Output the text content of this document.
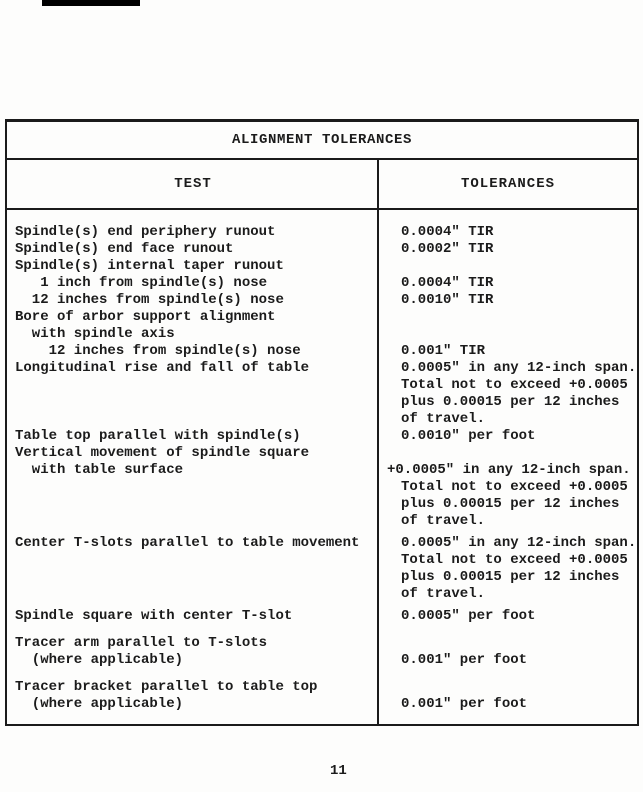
ALIGNMENT TOLERANCES
TEST	TOLERANCES
Spindle(s) end periphery runout	0.0004" TIR
Spindle(s) end face runout	0.0002" TIR
Spindle(s) internal taper runout
1 inch from spindle(s) nose	0.0004" TIR
12 inches from spindle(s) nose	0.0010" TIR
Bore of arbor support alignment
with spindle axis
12 inches from spindle(s) nose	0.001" TIR
Longitudinal rise and fall of table	0.0005" in any 12-inch span.
Total not to exceed +0.0005
plus 0.00015 per 12 inches
of travel.
Table top parallel with spindle(s)	0.0010" per foot
Vertical movement of spindle square
with table surface	+0.0005" in any 12-inch span.
Total not to exceed +0.0005
plus 0.00015 per 12 inches
of travel.
Center T-slots parallel to table movement	0.0005" in any 12-inch span.
Total not to exceed +0.0005
plus 0.00015 per 12 inches
of travel.
Spindle square with center T-slot	0.0005" per foot
Tracer arm parallel to T-slots
(where applicable)	0.001" per foot
Tracer bracket parallel to table top
(where applicable)	0.001" per foot
11
